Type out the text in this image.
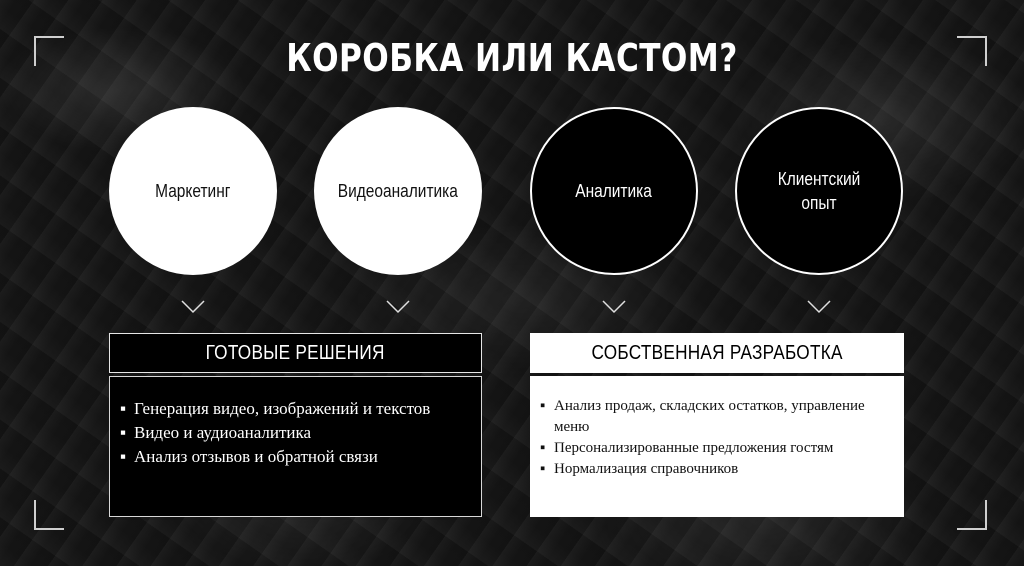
КОРОБКА ИЛИ КАСТОМ?
Маркетинг	Видеоаналитика	Аналитика
Клиентский опыт
ГОТОВЫЕ РЕШЕНИЯ	СОБСТВЕННАЯ РАЗРАБОТКА
▪ Генерация видео, изображений и текстов
▪ Видео и аудиоаналитика
▪ Анализ отзывов и обратной связи
▪ Анализ продаж, складских остатков, управление меню
▪ Персонализированные предложения гостям
▪ Нормализация справочников
